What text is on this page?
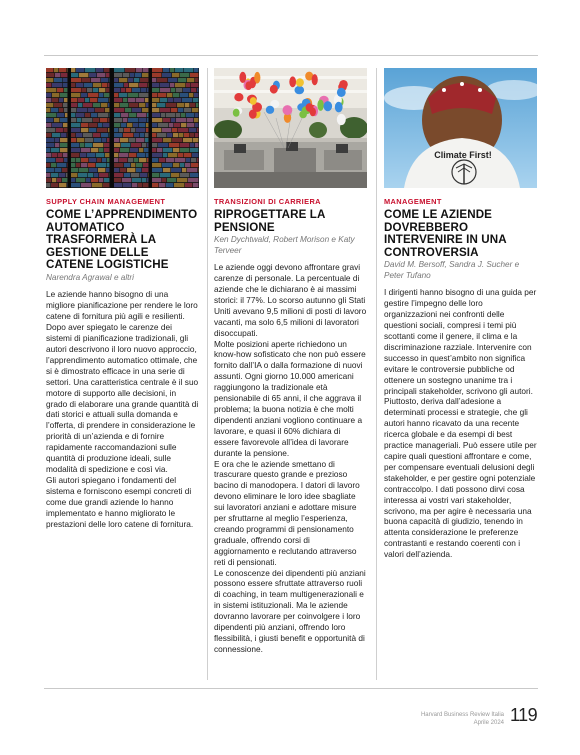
SUPPLY CHAIN MANAGEMENT
COME L’APPRENDIMENTO AUTOMATICO TRASFORMERÀ LA GESTIONE DELLE CATENE LOGISTICHE
Narendra Agrawal e altri
Le aziende hanno bisogno di una migliore pianificazione per rendere le loro catene di fornitura più agili e resilienti. Dopo aver spiegato le carenze dei sistemi di pianificazione tradizionali, gli autori descrivono il loro nuovo approccio, l’apprendimento automatico ottimale, che si è dimostrato efficace in una serie di settori. Una caratteristica centrale è il suo motore di supporto alle decisioni, in grado di elaborare una grande quantità di dati storici e attuali sulla domanda e l’offerta, di prendere in considerazione le priorità di un’azienda e di fornire rapidamente raccomandazioni sulle quantità di produzione ideali, sulle modalità di spedizione e così via.
Gli autori spiegano i fondamenti del sistema e forniscono esempi concreti di come due grandi aziende lo hanno implementato e hanno migliorato le prestazioni delle loro catene di fornitura.
TRANSIZIONI DI CARRIERA
RIPROGETTARE LA PENSIONE
Ken Dychtwald, Robert Morison e Katy Terveer
Le aziende oggi devono affrontare gravi carenze di personale. La percentuale di aziende che le dichiarano è ai massimi storici: il 77%. Lo scorso autunno gli Stati Uniti avevano 9,5 milioni di posti di lavoro vacanti, ma solo 6,5 milioni di lavoratori disoccupati.
Molte posizioni aperte richiedono un know-how sofisticato che non può essere fornito dall’IA o dalla formazione di nuovi assunti. Ogni giorno 10.000 americani raggiungono la tradizionale età pensionabile di 65 anni, il che aggrava il problema; la buona notizia è che molti dipendenti anziani vogliono continuare a lavorare, e quasi il 60% dichiara di essere favorevole all’idea di lavorare durante la pensione.
E ora che le aziende smettano di trascurare questo grande e prezioso bacino di manodopera. I datori di lavoro devono eliminare le loro idee sbagliate sui lavoratori anziani e adottare misure per sfruttarne al meglio l’esperienza, creando programmi di pensionamento graduale, offrendo corsi di aggiornamento e reclutando attraverso reti di pensionati.
Le conoscenze dei dipendenti più anziani possono essere sfruttate attraverso ruoli di coaching, in team multigenerazionali e in sistemi istituzionali. Ma le aziende dovranno lavorare per coinvolgere i loro dipendenti più anziani, offrendo loro flessibilità, i giusti benefit e opportunità di connessione.
Climate First!
MANAGEMENT
COME LE AZIENDE DOVREBBERO INTERVENIRE IN UNA CONTROVERSIA
David M. Bersoff, Sandra J. Sucher e Peter Tufano
I dirigenti hanno bisogno di una guida per gestire l’impegno delle loro organizzazioni nei confronti delle questioni sociali, compresi i temi più scottanti come il genere, il clima e la discriminazione razziale. Intervenire con successo in quest’ambito non significa evitare le controversie pubbliche od ottenere un sostegno unanime tra i principali stakeholder, scrivono gli autori. Piuttosto, deriva dall’adesione a determinati processi e strategie, che gli autori hanno ricavato da una recente ricerca globale e da esempi di best practice manageriali. Può essere utile per capire quali questioni affrontare e come, per compensare eventuali delusioni degli stakeholder, e per gestire ogni potenziale contraccolpo. I dati possono dirvi cosa interessa ai vostri vari stakeholder, scrivono, ma per agire è necessaria una buona capacità di giudizio, tenendo in attenta considerazione le preferenze contrastanti e restando coerenti con i valori dell’azienda.
Harvard Business Review Italia
Aprile 2024 119
